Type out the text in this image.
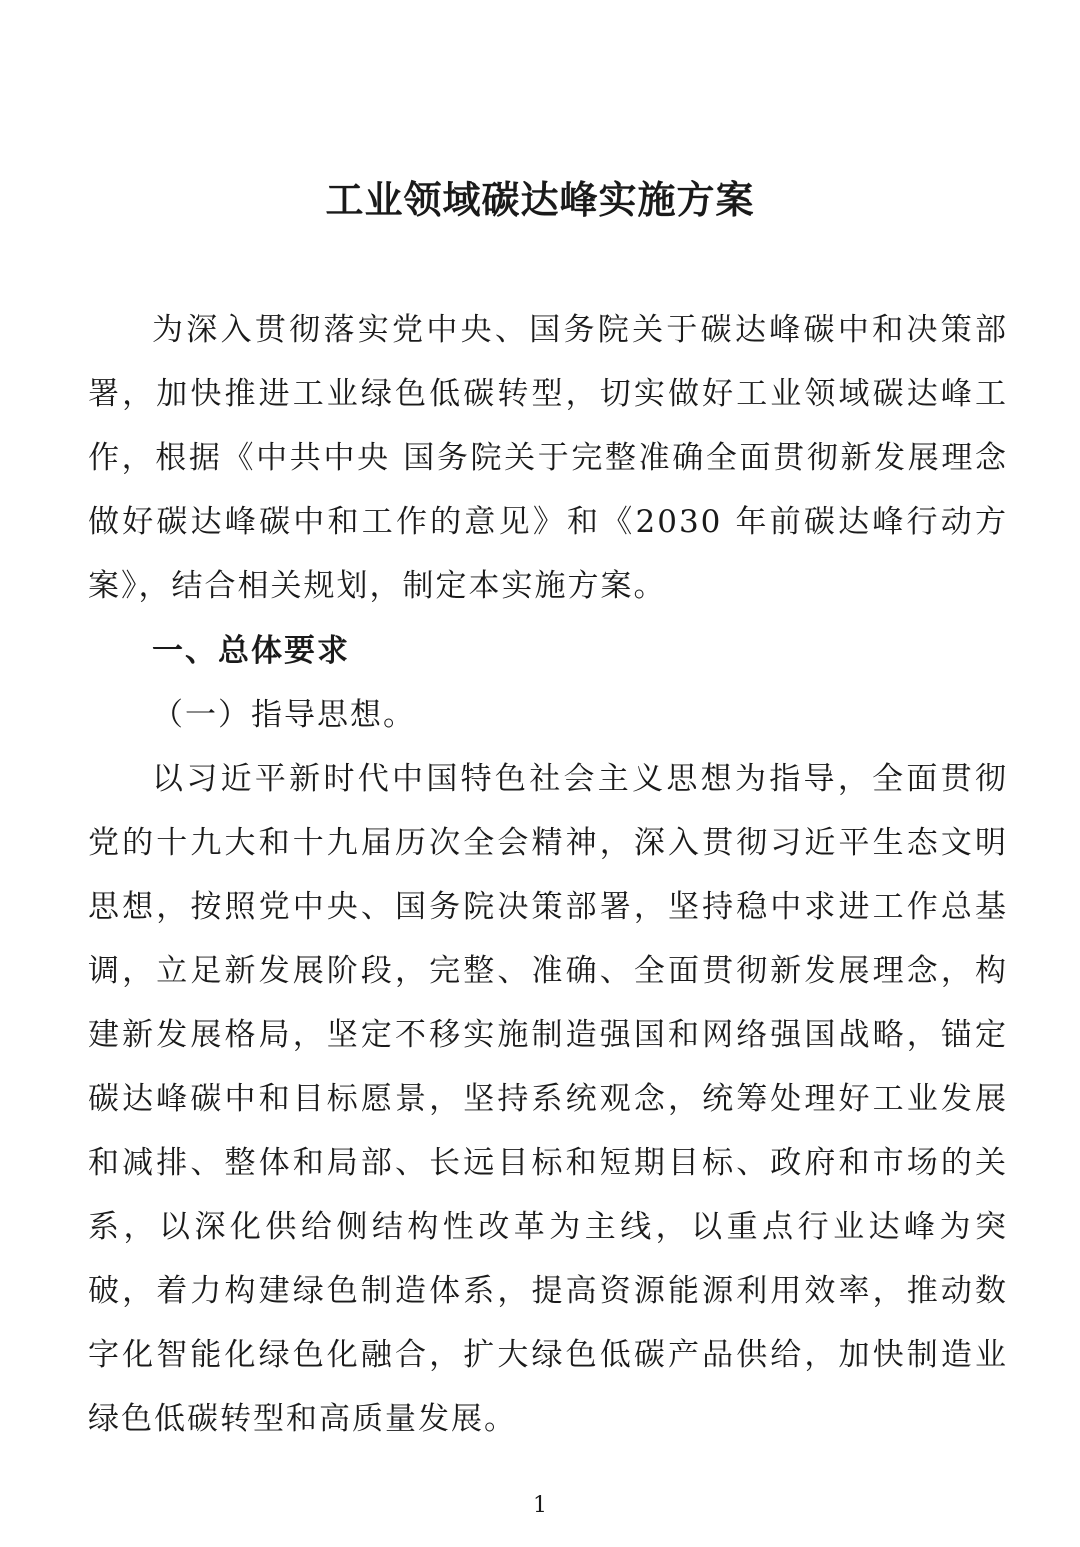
工业领域碳达峰实施方案

为深入贯彻落实党中央、国务院关于碳达峰碳中和决策部署，加快推进工业绿色低碳转型，切实做好工业领域碳达峰工作，根据《中共中央 国务院关于完整准确全面贯彻新发展理念做好碳达峰碳中和工作的意见》和《2030 年前碳达峰行动方案》，结合相关规划，制定本实施方案。

一、总体要求
（一）指导思想。

以习近平新时代中国特色社会主义思想为指导，全面贯彻党的十九大和十九届历次全会精神，深入贯彻习近平生态文明思想，按照党中央、国务院决策部署，坚持稳中求进工作总基调，立足新发展阶段，完整、准确、全面贯彻新发展理念，构建新发展格局，坚定不移实施制造强国和网络强国战略，锚定碳达峰碳中和目标愿景，坚持系统观念，统筹处理好工业发展和减排、整体和局部、长远目标和短期目标、政府和市场的关系，以深化供给侧结构性改革为主线，以重点行业达峰为突破，着力构建绿色制造体系，提高资源能源利用效率，推动数字化智能化绿色化融合，扩大绿色低碳产品供给，加快制造业绿色低碳转型和高质量发展。

1
